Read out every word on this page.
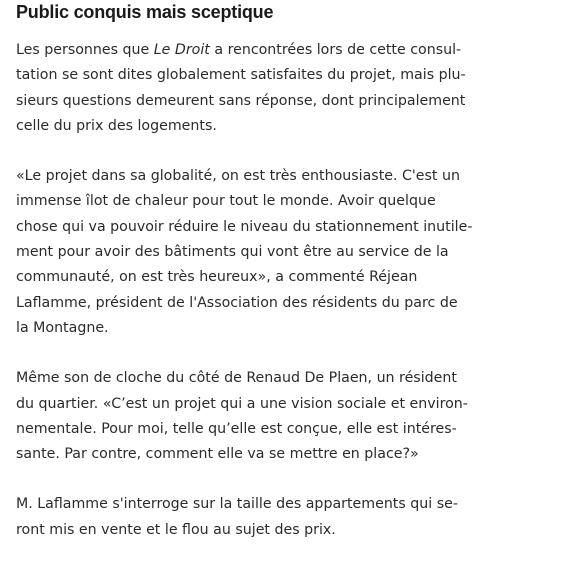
Public conquis mais sceptique

Les personnes que Le Droit a rencontrées lors de cette consul-
tation se sont dites globalement satisfaites du projet, mais plu-
sieurs questions demeurent sans réponse, dont principalement
celle du prix des logements.

«Le projet dans sa globalité, on est très enthousiaste. C'est un
immense îlot de chaleur pour tout le monde. Avoir quelque
chose qui va pouvoir réduire le niveau du stationnement inutile-
ment pour avoir des bâtiments qui vont être au service de la
communauté, on est très heureux», a commenté Réjean
Laflamme, président de l'Association des résidents du parc de
la Montagne.

Même son de cloche du côté de Renaud De Plaen, un résident
du quartier. «C’est un projet qui a une vision sociale et environ-
nementale. Pour moi, telle qu’elle est conçue, elle est intéres-
sante. Par contre, comment elle va se mettre en place?»

M. Laflamme s'interroge sur la taille des appartements qui se-
ront mis en vente et le flou au sujet des prix.
